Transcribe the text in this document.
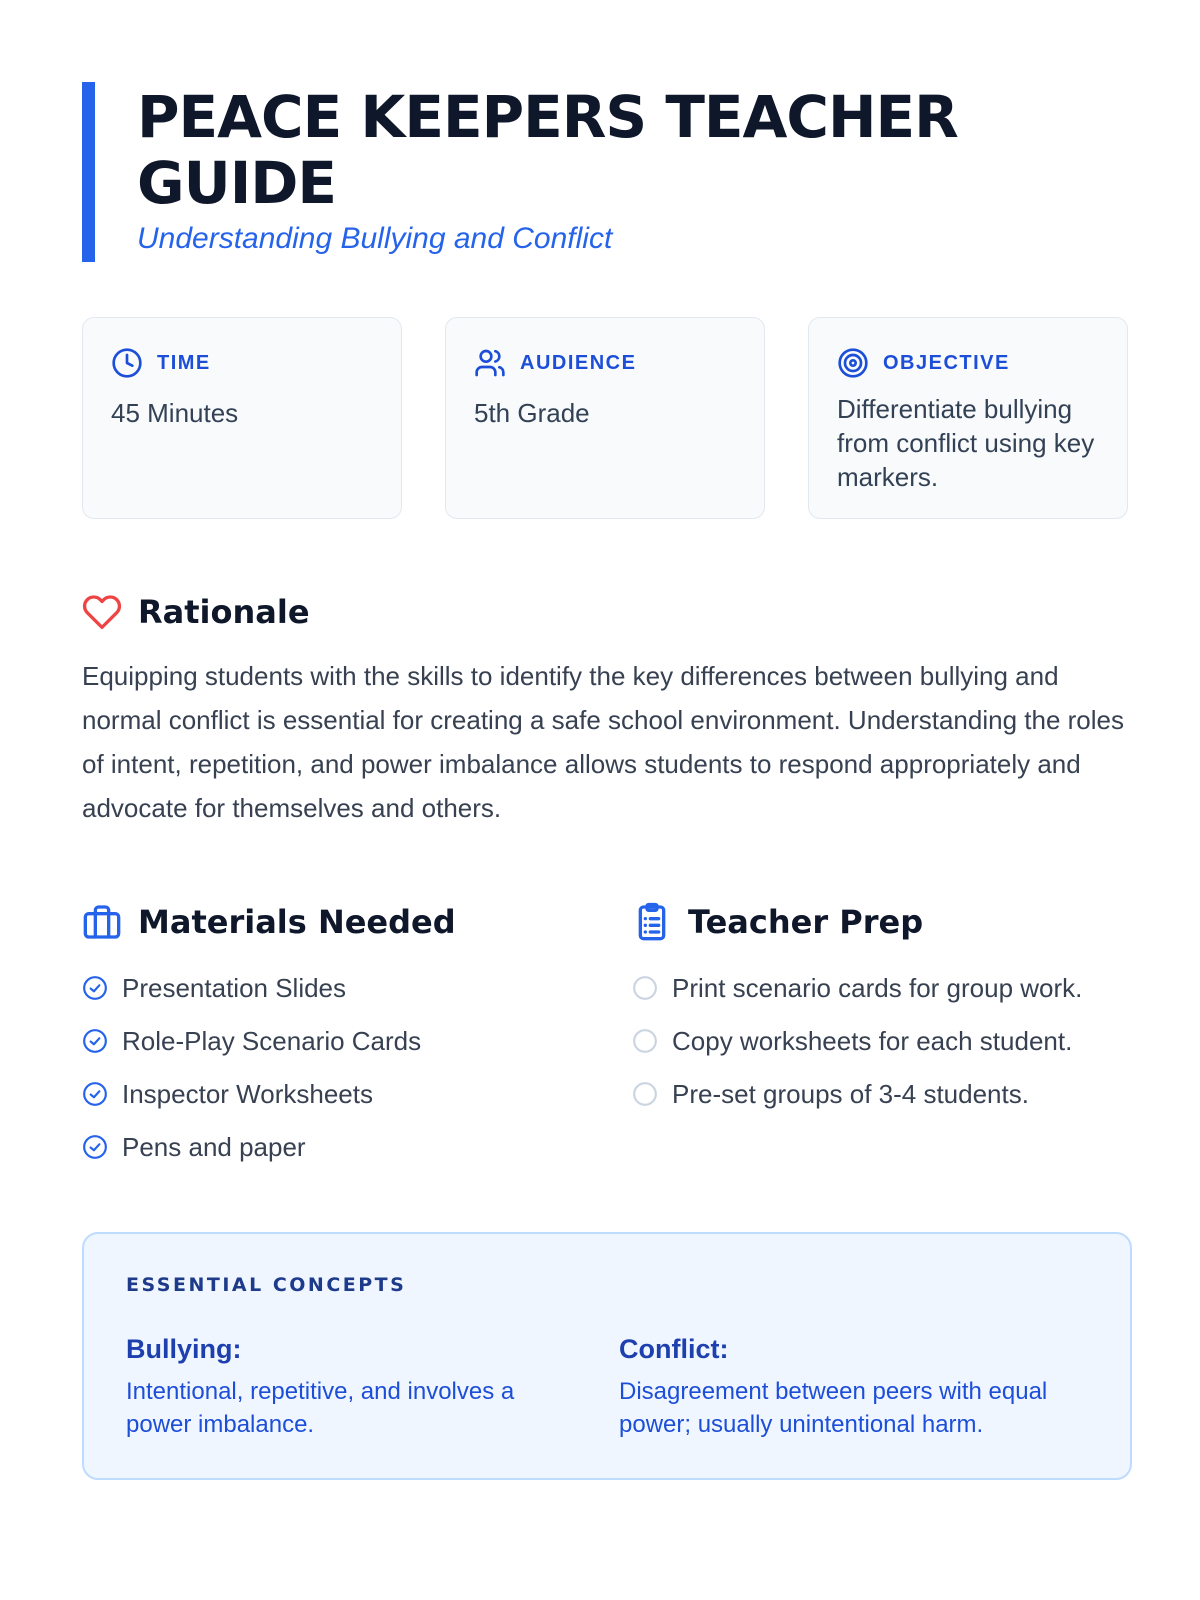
PEACE KEEPERS TEACHER GUIDE
Understanding Bullying and Conflict
TIME
45 Minutes
AUDIENCE
5th Grade
OBJECTIVE
Differentiate bullying from conflict using key markers.
Rationale

Equipping students with the skills to identify the key differences between bullying and normal conflict is essential for creating a safe school environment. Understanding the roles of intent, repetition, and power imbalance allows students to respond appropriately and advocate for themselves and others.

Materials Needed
Presentation Slides
Role-Play Scenario Cards
Inspector Worksheets
Pens and paper
Teacher Prep
Print scenario cards for group work.
Copy worksheets for each student.
Pre-set groups of 3-4 students.
ESSENTIAL CONCEPTS
Bullying:
Intentional, repetitive, and involves a power imbalance.
Conflict:
Disagreement between peers with equal power; usually unintentional harm.
